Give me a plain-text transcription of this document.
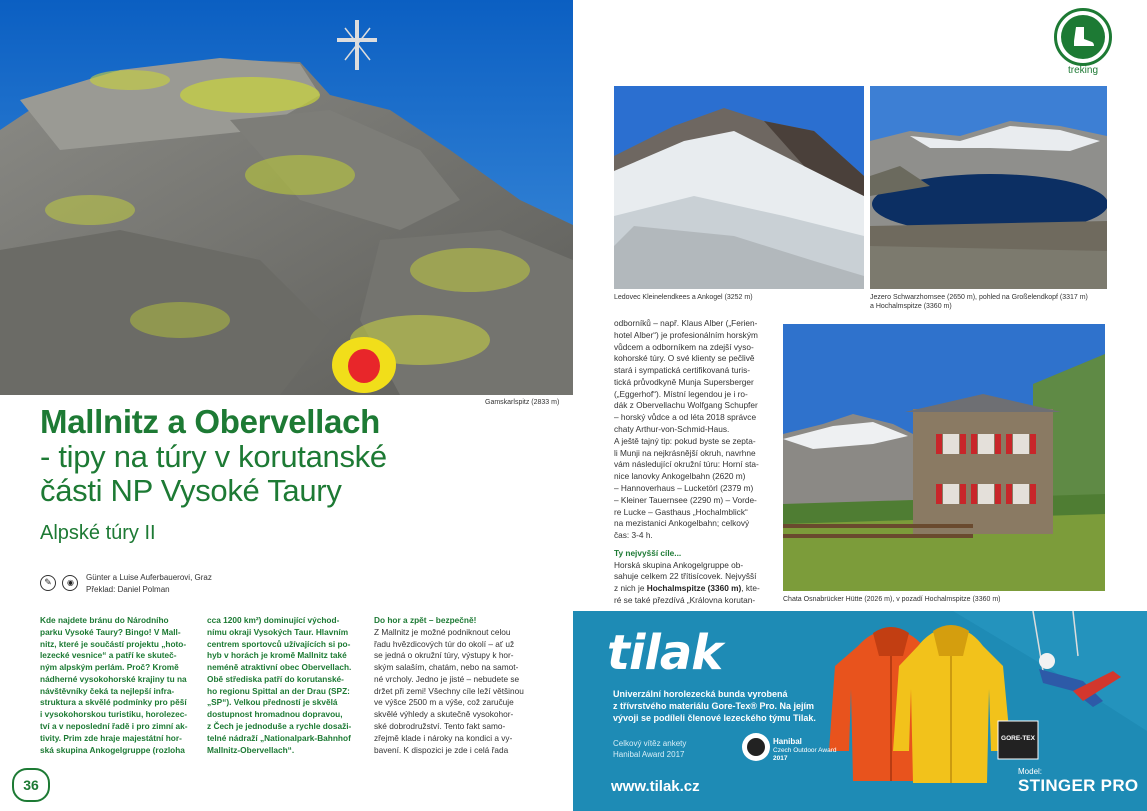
Gamskarlspitz (2833 m)
Mallnitz a Obervellach
- tipy na túry v korutanské
části NP Vysoké Taury
Alpské túry II
✎ ◉
Günter a Luise Auferbauerovi, Graz
Překlad: Daniel Polman
Kde najdete bránu do Národního
parku Vysoké Taury? Bingo! V Mall-
nitz, které je součástí projektu „hoto-
lezecké vesnice“ a patří ke skuteč-
ným alpským perlám. Proč? Kromě
nádherné vysokohorské krajiny tu na
návštěvníky čeká ta nejlepší infra-
struktura a skvělé podmínky pro pěší
i vysokohorskou turistiku, horolezec-
tví a v neposlední řadě i pro zimní ak-
tivity. Prim zde hraje majestátní hor-
ská skupina Ankogelgruppe (rozloha
cca 1200 km²) dominující východ-
nímu okraji Vysokých Taur. Hlavním
centrem sportovců užívajících si po-
hyb v horách je kromě Mallnitz také
neméně atraktivní obec Obervellach.
Obě střediska patří do korutanské-
ho regionu Spittal an der Drau (SPZ:
„SP“). Velkou předností je skvělá
dostupnost hromadnou dopravou,
z Čech je jednoduše a rychle dosaži-
telné nádraží „Nationalpark-Bahnhof
Mallnitz-Obervellach“.
Do hor a zpět – bezpečně!
Z Mallnitz je možné podniknout celou
řadu hvězdicových túr do okolí – ať už
se jedná o okružní túry, výstupy k hor-
ským salaším, chatám, nebo na samot-
né vrcholy. Jedno je jisté – nebudete se
držet při zemi! Všechny cíle leží většinou
ve výšce 2500 m a výše, což zaručuje
skvělé výhledy a skutečně vysokohor-
ské dobrodružství. Tento fakt samo-
zřejmě klade i nároky na kondici a vy-
bavení. K dispozici je zde i celá řada
36
treking
Ledovec Kleinelendkees a Ankogel (3252 m)	Jezero Schwarzhornsee (2650 m), pohled na Großelendkopf (3317 m)
a Hochalmspitze (3360 m)
odborníků – např. Klaus Alber („Ferien-
hotel Alber“) je profesionálním horským
vůdcem a odborníkem na zdejší vyso-
kohorské túry. O své klienty se pečlivě
stará i sympatická certifikovaná turis-
tická průvodkyně Munja Supersberger
(„Eggerhof“). Místní legendou je i ro-
dák z Obervellachu Wolfgang Schupfer
– horský vůdce a od léta 2018 správce
chaty Arthur-von-Schmid-Haus.
A ještě tajný tip: pokud byste se zepta-
li Munji na nejkrásnější okruh, navrhne
vám následující okružní túru: Horní sta-
nice lanovky Ankogelbahn (2620 m)
– Hannoverhaus – Lucketörl (2379 m)
– Kleiner Tauernsee (2290 m) – Vorde-
re Lucke – Gasthaus „Hochalmblick“
na mezistanici Ankogelbahn; celkový
čas: 3-4 h.
Ty nejvyšší cíle...
Horská skupina Ankogelgruppe ob-
sahuje celkem 22 třítisícovek. Nejvyšší
z nich je Hochalmspitze (3360 m), kte-
ré se také přezdívá „Královna korutan-	Chata Osnabrücker Hütte (2026 m), v pozadí Hochalmspitze (3360 m)
tilak
Univerzální horolezecká bunda vyrobená
z třívrstvého materiálu Gore-Tex® Pro. Na jejím
vývoji se podíleli členové lezeckého týmu Tilak.
Celkový vítěz ankety
Hanibal Award 2017
Hanibal
Czech Outdoor Award
2017
GORE-TEX
www.tilak.cz
Model:
STINGER PRO
